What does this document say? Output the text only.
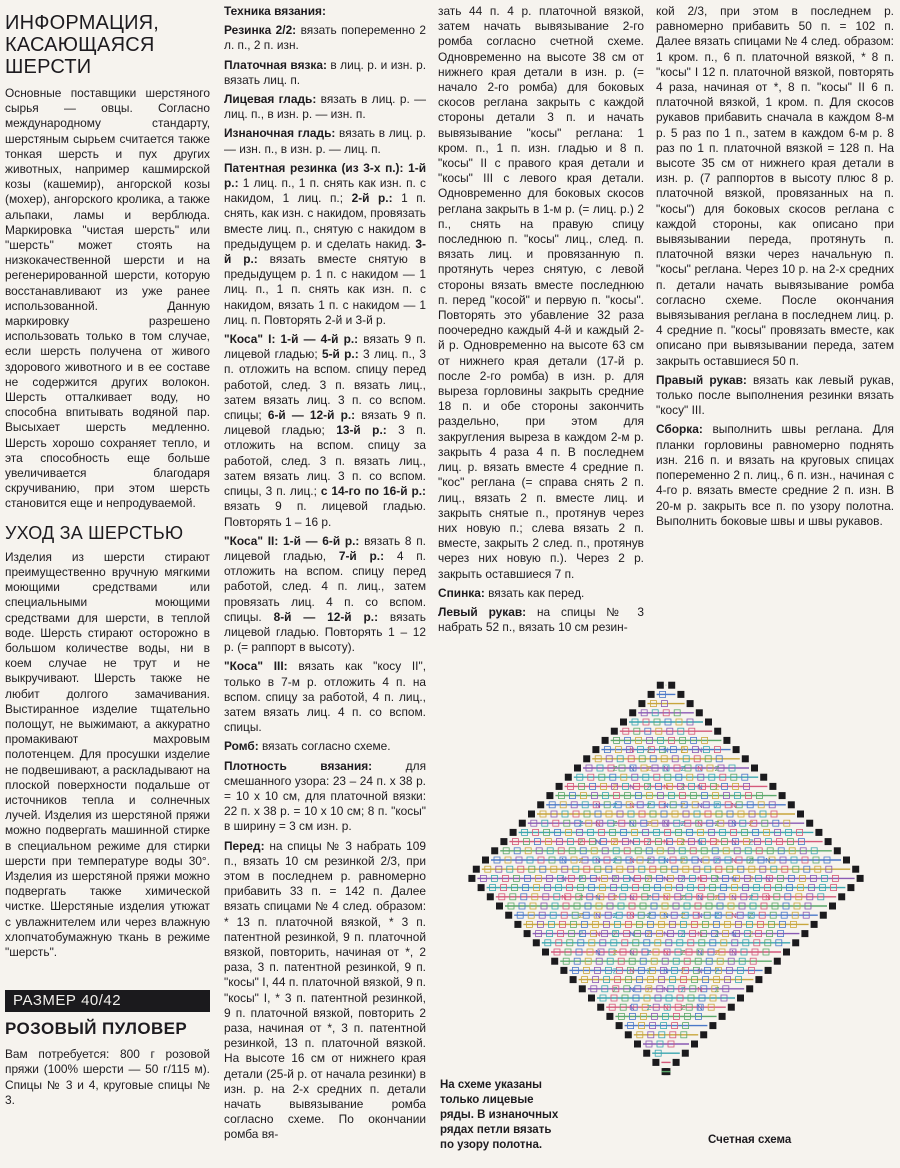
ИНФОРМАЦИЯ,
КАСАЮЩАЯСЯ
ШЕРСТИ

Основные поставщики шерстяного сырья — овцы. Согласно международному стандарту, шерстяным сырьем считается также тонкая шерсть и пух других животных, например кашмирской козы (кашемир), ангорской козы (мохер), ангорского кролика, а также альпаки, ламы и верблюда. Маркировка "чистая шерсть" или "шерсть" может стоять на низкокачественной шерсти и на регенерированной шерсти, которую восстанавливают из уже ранее использованной. Данную маркировку разрешено использовать только в том случае, если шерсть получена от живого здорового животного и в ее составе не содержится других волокон. Шерсть отталкивает воду, но способна впитывать водяной пар. Высыхает шерсть медленно. Шерсть хорошо сохраняет тепло, и эта способность еще больше увеличивается благодаря скручиванию, при этом шерсть становится еще и непродуваемой.

УХОД ЗА ШЕРСТЬЮ

Изделия из шерсти стирают преимущественно вручную мягкими моющими средствами или специальными моющими средствами для шерсти, в теплой воде. Шерсть стирают осторожно в большом количестве воды, ни в коем случае не трут и не выкручивают. Шерсть также не любит долгого замачивания. Выстиранное изделие тщательно полощут, не выжимают, а аккуратно промакивают махровым полотенцем. Для просушки изделие не подвешивают, а раскладывают на плоской поверхности подальше от источников тепла и солнечных лучей. Изделия из шерстяной пряжи можно подвергать машинной стирке в специальном режиме для стирки шерсти при температуре воды 30°. Изделия из шерстяной пряжи можно подвергать также химической чистке. Шерстяные изделия утюжат с увлажнителем или через влажную хлопчатобумажную ткань в режиме "шерсть".

РАЗМЕР 40/42
РОЗОВЫЙ ПУЛОВЕР

Вам потребуется: 800 г розовой пряжи (100% шерсти — 50 г/115 м). Спицы № 3 и 4, круговые спицы № 3.

Техника вязания:

Резинка 2/2: вязать попеременно 2 л. п., 2 п. изн.

Платочная вязка: в лиц. р. и изн. р. вязать лиц. п.

Лицевая гладь: вязать в лиц. р. — лиц. п., в изн. р. — изн. п.

Изнаночная гладь: вязать в лиц. р. — изн. п., в изн. р. — лиц. п.

Патентная резинка (из 3-х п.): 1-й р.: 1 лиц. п., 1 п. снять как изн. п. с накидом, 1 лиц. п.; 2-й р.: 1 п. снять, как изн. с накидом, провязать вместе лиц. п., снятую с накидом в предыдущем р. и сделать накид. 3-й р.: вязать вместе снятую в предыдущем р. 1 п. с накидом — 1 лиц. п., 1 п. снять как изн. п. с накидом, вязать 1 п. с накидом — 1 лиц. п. Повторять 2-й и 3-й р.

"Коса" I: 1-й — 4-й р.: вязать 9 п. лицевой гладью; 5-й р.: 3 лиц. п., 3 п. отложить на вспом. спицу перед работой, след. 3 п. вязать лиц., затем вязать лиц. 3 п. со вспом. спицы; 6-й — 12-й р.: вязать 9 п. лицевой гладью; 13-й р.: 3 п. отложить на вспом. спицу за работой, след. 3 п. вязать лиц., затем вязать лиц. 3 п. со вспом. спицы, 3 п. лиц.; с 14-го по 16-й р.: вязать 9 п. лицевой гладью. Повторять 1 – 16 р.

"Коса" II: 1-й — 6-й р.: вязать 8 п. лицевой гладью, 7-й р.: 4 п. отложить на вспом. спицу перед работой, след. 4 п. лиц., затем провязать лиц. 4 п. со вспом. спицы. 8-й — 12-й р.: вязать лицевой гладью. Повторять 1 – 12 р. (= раппорт в высоту).

"Коса" III: вязать как "косу II", только в 7-м р. отложить 4 п. на вспом. спицу за работой, 4 п. лиц., затем вязать лиц. 4 п. со вспом. спицы.

Ромб: вязать согласно схеме.

Плотность вязания: для смешанного узора: 23 – 24 п. х 38 р. = 10 х 10 см, для платочной вязки: 22 п. х 38 р. = 10 х 10 см; 8 п. "косы" в ширину = 3 см изн. р.

Перед: на спицы № 3 набрать 109 п., вязать 10 см резинкой 2/3, при этом в последнем р. равномерно прибавить 33 п. = 142 п. Далее вязать спицами № 4 след. образом: * 13 п. платочной вязкой, * 3 п. патентной резинкой, 9 п. платочной вязкой, повторить, начиная от *, 2 раза, 3 п. патентной резинкой, 9 п. "косы" I, 44 п. платочной вязкой, 9 п. "косы" I, * 3 п. патентной резинкой, 9 п. платочной вязкой, повторить 2 раза, начиная от *, 3 п. патентной резинкой, 13 п. платочной вязкой. На высоте 16 см от нижнего края детали (25-й р. от начала резинки) в изн. р. на 2-х средних п. детали начать вывязывание ромба согласно схеме. По окончании ромба вя-

зать 44 п. 4 р. платочной вязкой, затем начать вывязывание 2-го ромба согласно счетной схеме. Одновременно на высоте 38 см от нижнего края детали в изн. р. (= начало 2-го ромба) для боковых скосов реглана закрыть с каждой стороны детали 3 п. и начать вывязывание "косы" реглана: 1 кром. п., 1 п. изн. гладью и 8 п. "косы" II с правого края детали и "косы" III с левого края детали. Одновременно для боковых скосов реглана закрыть в 1-м р. (= лиц. р.) 2 п., снять на правую спицу последнюю п. "косы" лиц., след. п. вязать лиц. и провязанную п. протянуть через снятую, с левой стороны вязать вместе последнюю п. перед "косой" и первую п. "косы". Повторять это убавление 32 раза поочередно каждый 4-й и каждый 2-й р. Одновременно на высоте 63 см от нижнего края детали (17-й р. после 2-го ромба) в изн. р. для выреза горловины закрыть средние 18 п. и обе стороны закончить раздельно, при этом для закругления выреза в каждом 2-м р. закрыть 4 раза 4 п. В последнем лиц. р. вязать вместе 4 средние п. "кос" реглана (= справа снять 2 п. лиц., вязать 2 п. вместе лиц. и закрыть снятые п., протянув через них новую п.; слева вязать 2 п. вместе, закрыть 2 след. п., протянув через них новую п.). Через 2 р. закрыть оставшиеся 7 п.

Спинка: вязать как перед.

Левый рукав: на спицы № 3 набрать 52 п., вязать 10 см резин-

кой 2/3, при этом в последнем р. равномерно прибавить 50 п. = 102 п. Далее вязать спицами № 4 след. образом: 1 кром. п., 6 п. платочной вязкой, * 8 п. "косы" I 12 п. платочной вязкой, повторять 4 раза, начиная от *, 8 п. "косы" II 6 п. платочной вязкой, 1 кром. п. Для скосов рукавов прибавить сначала в каждом 8-м р. 5 раз по 1 п., затем в каждом 6-м р. 8 раз по 1 п. платочной вязкой = 128 п. На высоте 35 см от нижнего края детали в изн. р. (7 раппортов в высоту плюс 8 р. платочной вязкой, провязанных на п. "косы") для боковых скосов реглана с каждой стороны, как описано при вывязывании переда, протянуть п. платочной вязки через начальную п. "косы" реглана. Через 10 р. на 2-х средних п. детали начать вывязывание ромба согласно схеме. После окончания вывязывания реглана в последнем лиц. р. 4 средние п. "косы" провязать вместе, как описано при вывязывании переда, затем закрыть оставшиеся 50 п.

Правый рукав: вязать как левый рукав, только после выполнения резинки вязать "косу" III.

Сборка: выполнить швы реглана. Для планки горловины равномерно поднять изн. 216 п. и вязать на круговых спицах попеременно 2 п. лиц., 6 п. изн., начиная с 4-го р. вязать вместе средние 2 п. изн. В 20-м р. закрыть все п. по узору полотна. Выполнить боковые швы и швы рукавов.

N Z N Z N
Z N Z N Z N Z
Z N Z N Z N Z
N Z N Z N Z N Z N
Z N Z N Z N Z N Z N Z
Z N Z N Z N Z N Z N Z
N Z N Z N Z N Z N Z N Z N
N Z N Z N Z N Z N Z N Z N
N Z N Z N Z N Z N Z N Z N
Z N Z N Z N Z N Z N Z
Z N Z N Z N Z N Z N Z
N Z N Z N Z N Z N
Z N Z N Z N Z
Z N Z N Z N Z
N Z N Z N
На схеме указаны только лицевые ряды. В изнаночных рядах петли вязать по узору полотна.	Счетная схема
